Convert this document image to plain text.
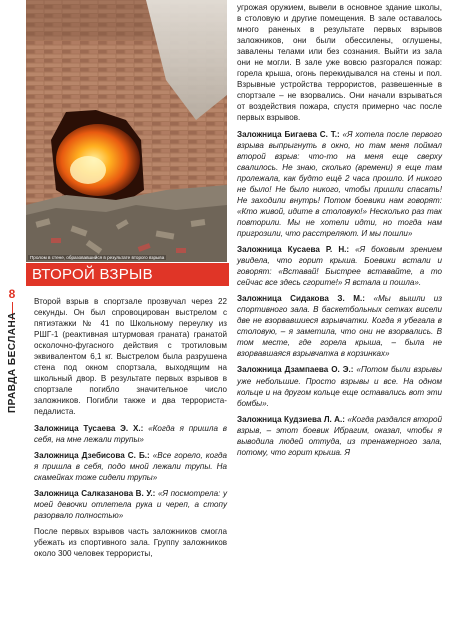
Пролом в стене, образовавшийся в результате второго взрыва
ВТОРОЙ ВЗРЫВ
8
ПРАВДА БЕСЛАНА

Второй взрыв в спортзале прозвучал через 22 секунды. Он был спровоцирован выстрелом с пятиэтажки № 41 по Школьному переулку из РШГ-1 (реактивная штурмовая граната) гранатой осколочно-фугасного действия с тротиловым эквивалентом 6,1 кг. Выстрелом была разрушена стена под окном спортзала, выходящим на школьный двор. В результате первых взрывов в спортзале погибло значительное число заложников. Погибли также и два террориста-педалиста.

Заложница Тусаева Э. Х.: «Когда я пришла в себя, на мне лежали трупы»

Заложница Дзебисова С. Б.: «Все горело, когда я пришла в себя, подо мной лежали трупы. На скамейках тоже сидели трупы»

Заложница Салказанова В. У.: «Я посмотрела: у моей девочки отлетела рука и череп, а стопу разорвало полностью»

После первых взрывов часть заложников смогла убежать из спортивного зала. Группу заложников около 300 человек террористы,

угрожая оружием, вывели в основное здание школы, в столовую и другие помещения. В зале оставалось много раненых в результате первых взрывов заложников, они были обессилены, оглушены, завалены телами или без сознания. Выйти из зала они не могли. В зале уже вовсю разгорался пожар: горела крыша, огонь перекидывался на стены и пол. Взрывные устройства террористов, развешенные в спортзале – не взорвались. Они начали взрываться от воздействия пожара, спустя примерно час после первых взрывов.

Заложница Бигаева С. Т.: «Я хотела после первого взрыва выпрыгнуть в окно, но там меня поймал второй взрыв: что-то на меня еще сверху свалилось. Не знаю, сколько (времени) я еще там пролежала, как будто ещё 2 часа прошло. И никого не было! Не было никого, чтобы пришли спасать! Не заходили внутрь! Потом боевики нам говорят: «Кто живой, идите в столовую!» Несколько раз так повторили. Мы не хотели идти, но тогда нам пригрозили, что расстреляют. И мы пошли»

Заложница Кусаева Р. Н.: «Я боковым зрением увидела, что горит крыша. Боевики встали и говорят: «Вставай! Быстрее вставайте, а то сейчас все здесь сгорите!» Я встала и пошла».

Заложница Сидакова З. М.: «Мы вышли из спортивного зала. В баскетбольных сетках висели две не взорвавшиеся взрывчатки. Когда я убегала в столовую, – я заметила, что они не взорвались. В том месте, где горела крыша, – была не взорвавшаяся взрывчатка в корзинках»

Заложница Дзампаева О. Э.: «Потом были взрывы уже небольшие. Просто взрывы и все. На одном кольце и на другом кольце еще оставались вот эти бомбы».

Заложница Кудзиева Л. А.: «Когда раздался второй взрыв, – этот боевик Ибрагим, оказал, чтобы я выводила людей оттуда, из тренажерного зала, потому, что горит крыша. Я
